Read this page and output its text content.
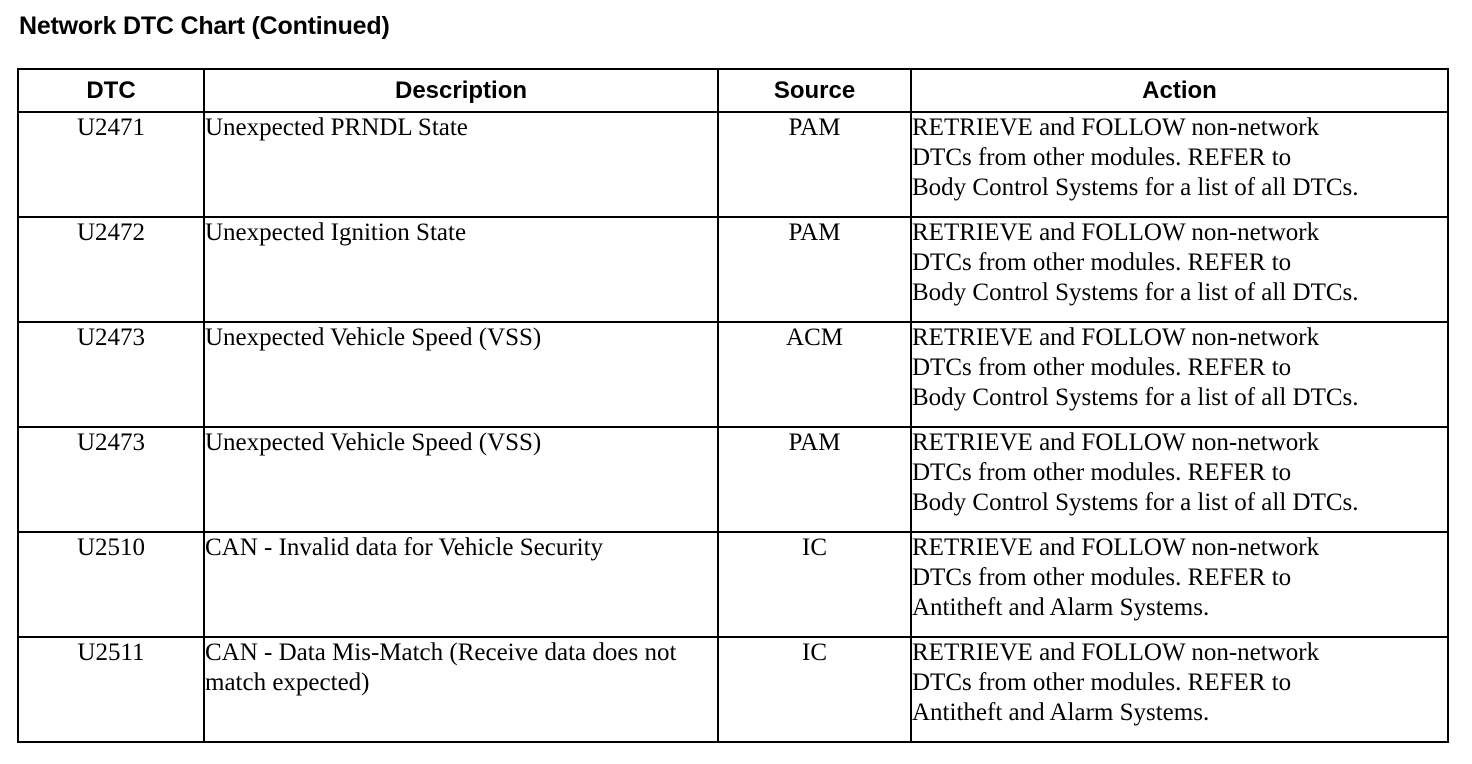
Network DTC Chart (Continued)
DTC	Description	Source	Action
U2471	Unexpected PRNDL State	PAM	RETRIEVE and FOLLOW non-network
DTCs from other modules. REFER to
Body Control Systems for a list of all DTCs.
U2472	Unexpected Ignition State	PAM	RETRIEVE and FOLLOW non-network
DTCs from other modules. REFER to
Body Control Systems for a list of all DTCs.
U2473	Unexpected Vehicle Speed (VSS)	ACM	RETRIEVE and FOLLOW non-network
DTCs from other modules. REFER to
Body Control Systems for a list of all DTCs.
U2473	Unexpected Vehicle Speed (VSS)	PAM	RETRIEVE and FOLLOW non-network
DTCs from other modules. REFER to
Body Control Systems for a list of all DTCs.
U2510	CAN - Invalid data for Vehicle Security	IC	RETRIEVE and FOLLOW non-network
DTCs from other modules. REFER to
Antitheft and Alarm Systems.
U2511	CAN - Data Mis-Match (Receive data does not match expected)	IC	RETRIEVE and FOLLOW non-network
DTCs from other modules. REFER to
Antitheft and Alarm Systems.
